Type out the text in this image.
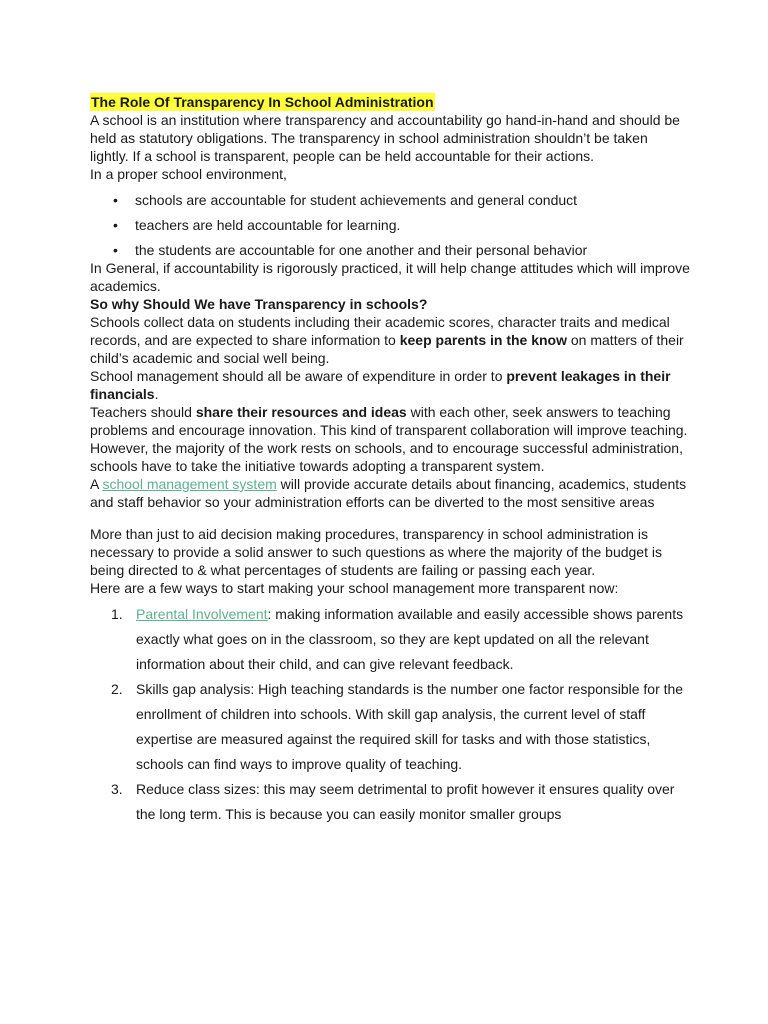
The Role Of Transparency In School Administration

A school is an institution where transparency and accountability go hand-in-hand and should be held as statutory obligations. The transparency in school administration shouldn’t be taken lightly. If a school is transparent, people can be held accountable for their actions.

In a proper school environment,

• schools are accountable for student achievements and general conduct
• teachers are held accountable for learning.
• the students are accountable for one another and their personal behavior

In General, if accountability is rigorously practiced, it will help change attitudes which will improve academics.

So why Should We have Transparency in schools?

Schools collect data on students including their academic scores, character traits and medical records, and are expected to share information to keep parents in the know on matters of their child’s academic and social well being.

School management should all be aware of expenditure in order to prevent leakages in their financials.

Teachers should share their resources and ideas with each other, seek answers to teaching problems and encourage innovation. This kind of transparent collaboration will improve teaching.

However, the majority of the work rests on schools, and to encourage successful administration, schools have to take the initiative towards adopting a transparent system.

A school management system will provide accurate details about financing, academics, students and staff behavior so your administration efforts can be diverted to the most sensitive areas

More than just to aid decision making procedures, transparency in school administration is necessary to provide a solid answer to such questions as where the majority of the budget is being directed to & what percentages of students are failing or passing each year.

Here are a few ways to start making your school management more transparent now:

1. Parental Involvement: making information available and easily accessible shows parents exactly what goes on in the classroom, so they are kept updated on all the relevant information about their child, and can give relevant feedback.
2. Skills gap analysis: High teaching standards is the number one factor responsible for the enrollment of children into schools. With skill gap analysis, the current level of staff expertise are measured against the required skill for tasks and with those statistics, schools can find ways to improve quality of teaching.
3. Reduce class sizes: this may seem detrimental to profit however it ensures quality over the long term. This is because you can easily monitor smaller groups
